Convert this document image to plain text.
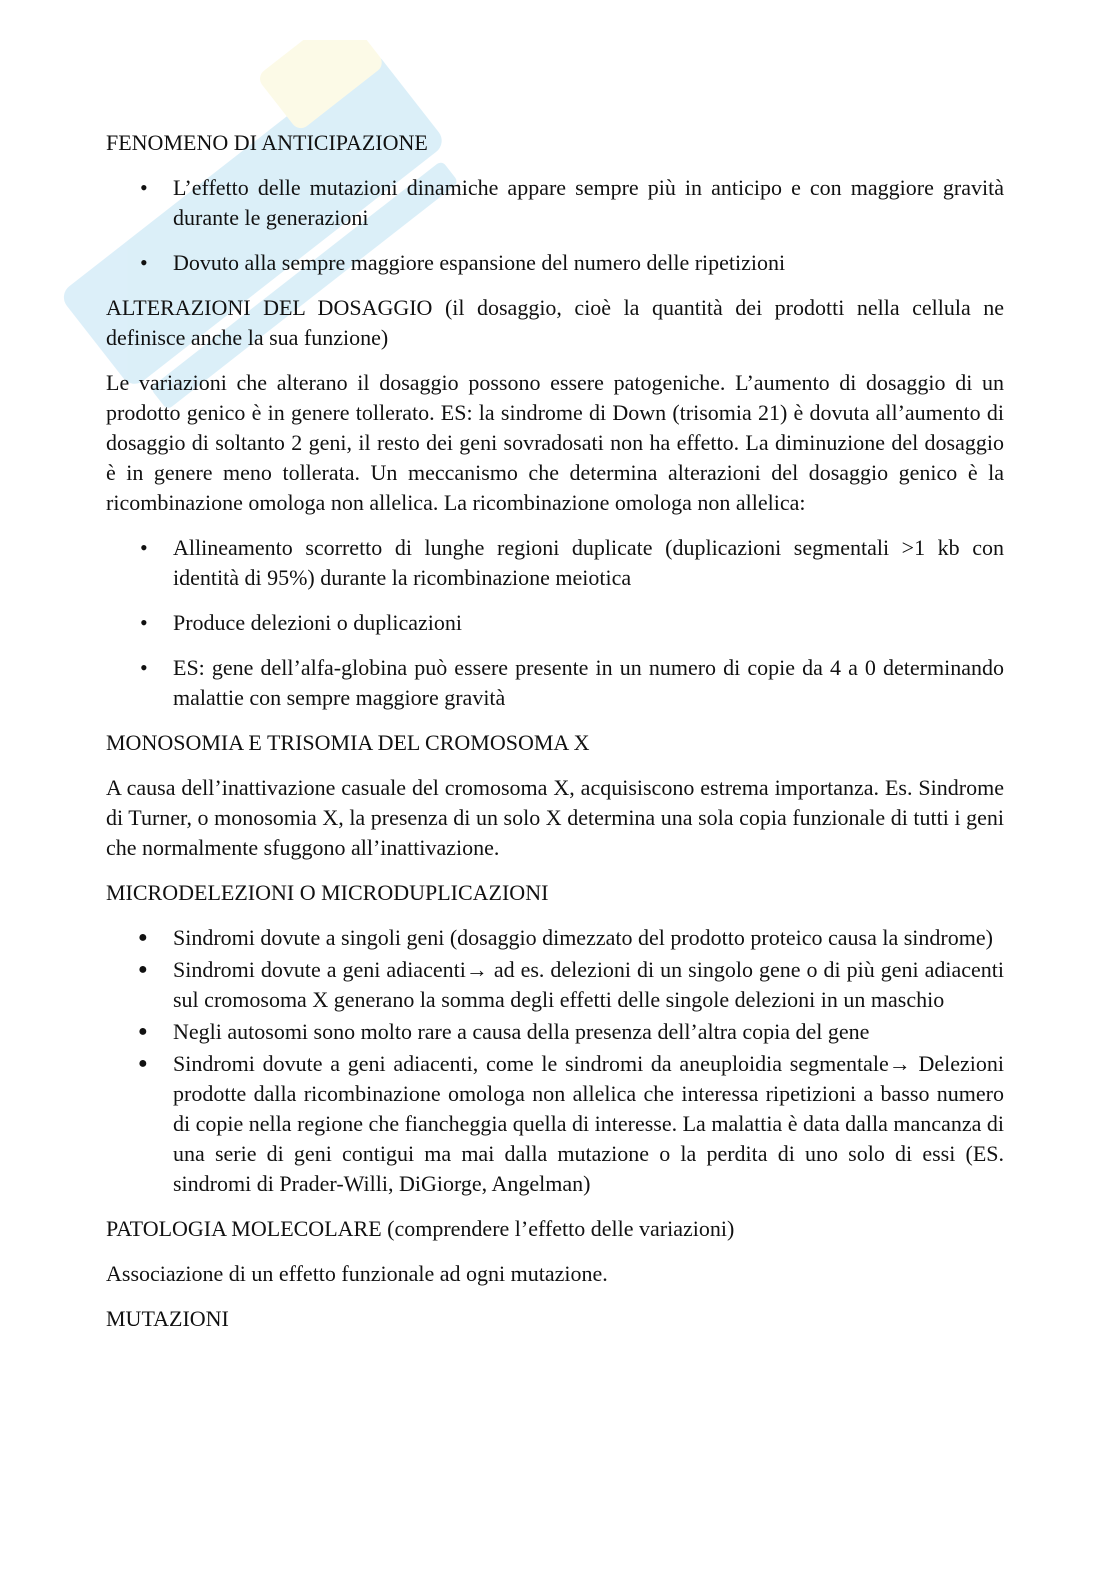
FENOMENO DI ANTICIPAZIONE
• L’effetto delle mutazioni dinamiche appare sempre più in anticipo e con maggiore gravità durante le generazioni
• Dovuto alla sempre maggiore espansione del numero delle ripetizioni
ALTERAZIONI DEL DOSAGGIO (il dosaggio, cioè la quantità dei prodotti nella cellula ne definisce anche la sua funzione)

Le variazioni che alterano il dosaggio possono essere patogeniche. L’aumento di dosaggio di un prodotto genico è in genere tollerato. ES: la sindrome di Down (trisomia 21) è dovuta all’aumento di dosaggio di soltanto 2 geni, il resto dei geni sovradosati non ha effetto. La diminuzione del dosaggio è in genere meno tollerata. Un meccanismo che determina alterazioni del dosaggio genico è la ricombinazione omologa non allelica. La ricombinazione omologa non allelica:

• Allineamento scorretto di lunghe regioni duplicate (duplicazioni segmentali >1 kb con identità di 95%) durante la ricombinazione meiotica
• Produce delezioni o duplicazioni
• ES: gene dell’alfa-globina può essere presente in un numero di copie da 4 a 0 determinando malattie con sempre maggiore gravità
MONOSOMIA E TRISOMIA DEL CROMOSOMA X

A causa dell’inattivazione casuale del cromosoma X, acquisiscono estrema importanza. Es. Sindrome di Turner, o monosomia X, la presenza di un solo X determina una sola copia funzionale di tutti i geni che normalmente sfuggono all’inattivazione.

MICRODELEZIONI O MICRODUPLICAZIONI
● Sindromi dovute a singoli geni (dosaggio dimezzato del prodotto proteico causa la sindrome)
● Sindromi dovute a geni adiacenti→ ad es. delezioni di un singolo gene o di più geni adiacenti sul cromosoma X generano la somma degli effetti delle singole delezioni in un maschio
● Negli autosomi sono molto rare a causa della presenza dell’altra copia del gene
● Sindromi dovute a geni adiacenti, come le sindromi da aneuploidia segmentale→ Delezioni prodotte dalla ricombinazione omologa non allelica che interessa ripetizioni a basso numero di copie nella regione che fiancheggia quella di interesse. La malattia è data dalla mancanza di una serie di geni contigui ma mai dalla mutazione o la perdita di uno solo di essi (ES. sindromi di Prader-Willi, DiGiorge, Angelman)
PATOLOGIA MOLECOLARE (comprendere l’effetto delle variazioni)

Associazione di un effetto funzionale ad ogni mutazione.

MUTAZIONI
